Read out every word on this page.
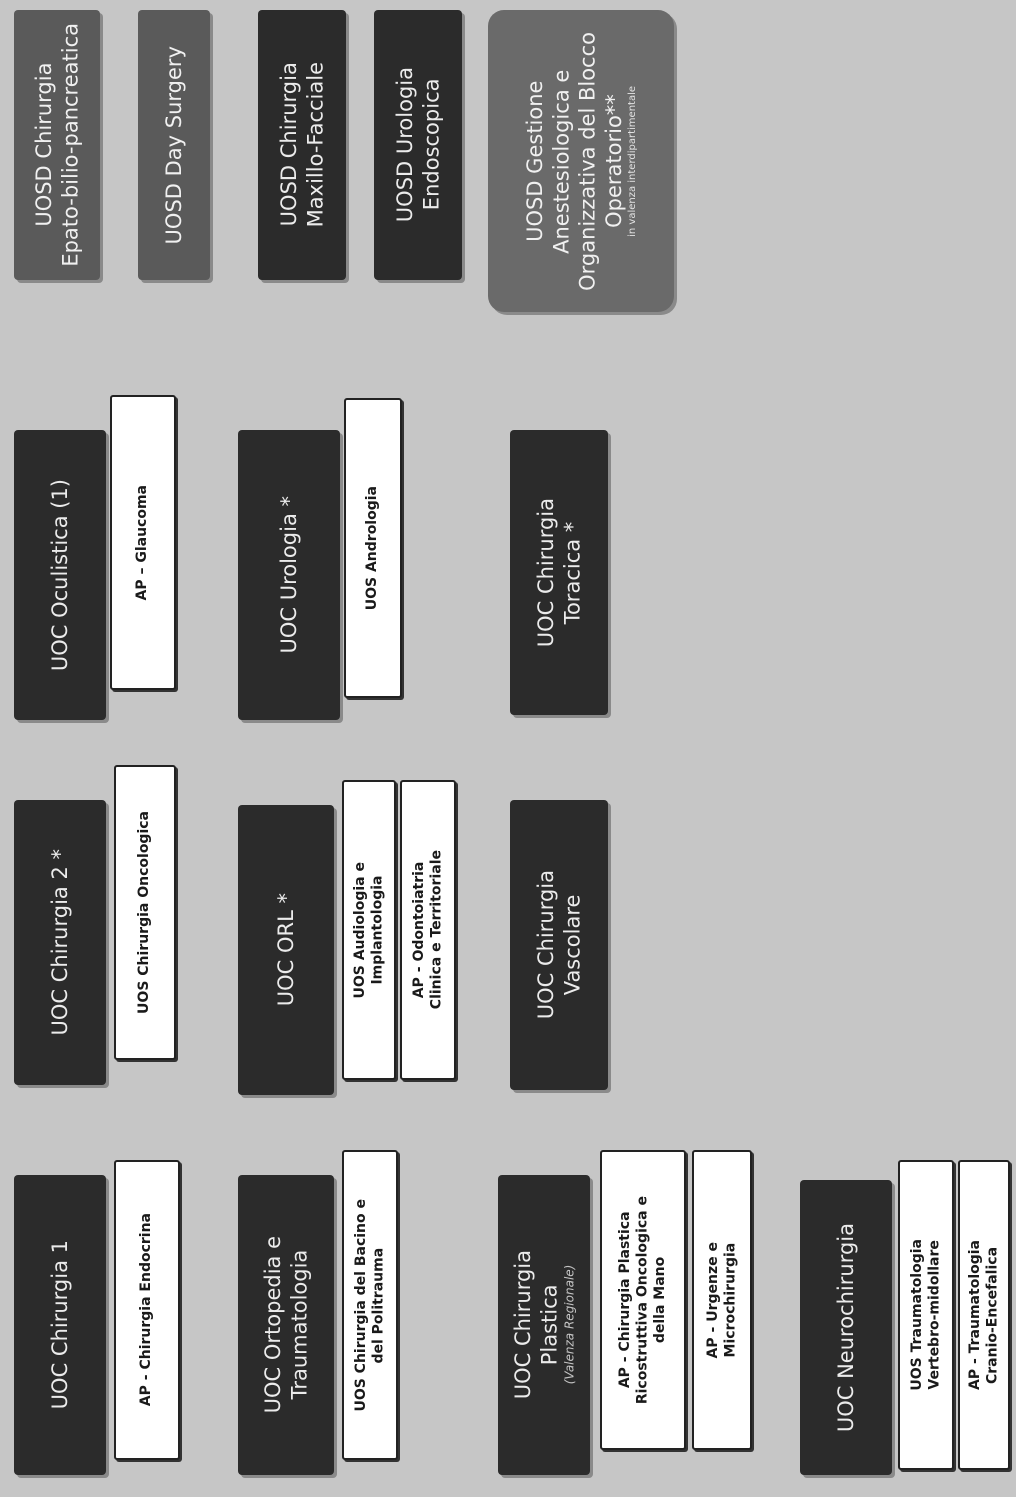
UOSD Chirurgia Epato-bilio-pancreatica	UOSD Day Surgery	UOSD Chirurgia Maxillo-Facciale	UOSD Urologia Endoscopica	UOSD Gestione Anestesiologica e Organizzativa del Blocco Operatorio** in valenza interdipartimentale
UOC Oculistica (1)	AP – Glaucoma	UOC Urologia *	UOS Andrologia	UOC Chirurgia Toracica *
UOC Chirurgia 2 *	UOS Chirurgia Oncologica	UOC ORL *	UOS Audiologia e Implantologia AP - Odontoiatria Clinica e Territoriale	UOC Chirurgia Vascolare
UOC Chirurgia 1	AP - Chirurgia Endocrina	UOC Ortopedia e Traumatologia	UOS Chirurgia del Bacino e del Politrauma	UOC Chirurgia Plastica (Valenza Regionale)	AP - Chirurgia Plastica Ricostruttiva Oncologica e della Mano	AP - Urgenze e Microchirurgia	UOC Neurochirurgia	UOS Traumatologia Vertebro-midollare AP - Traumatologia Cranio-Encefalica
